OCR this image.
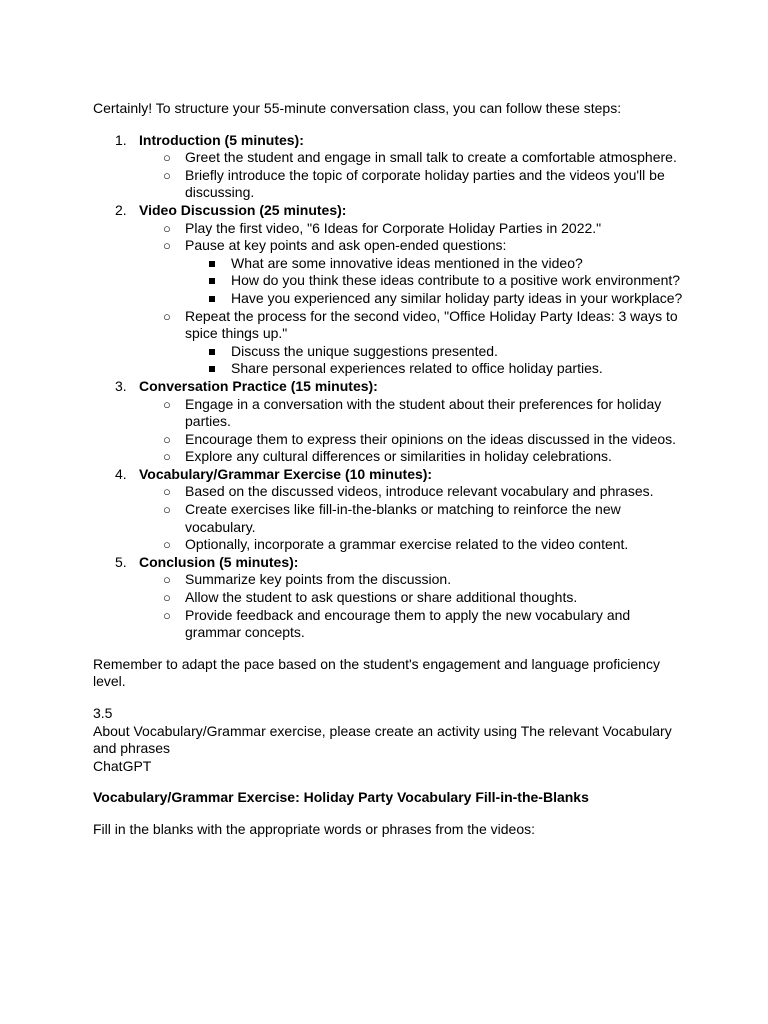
Certainly! To structure your 55-minute conversation class, you can follow these steps:

1. Introduction (5 minutes):
○ Greet the student and engage in small talk to create a comfortable atmosphere.
○ Briefly introduce the topic of corporate holiday parties and the videos you'll be discussing.
2. Video Discussion (25 minutes):
○ Play the first video, "6 Ideas for Corporate Holiday Parties in 2022."
○ Pause at key points and ask open-ended questions:
What are some innovative ideas mentioned in the video?
How do you think these ideas contribute to a positive work environment?
Have you experienced any similar holiday party ideas in your workplace?
○ Repeat the process for the second video, "Office Holiday Party Ideas: 3 ways to spice things up."
Discuss the unique suggestions presented.
Share personal experiences related to office holiday parties.
3. Conversation Practice (15 minutes):
○ Engage in a conversation with the student about their preferences for holiday parties.
○ Encourage them to express their opinions on the ideas discussed in the videos.
○ Explore any cultural differences or similarities in holiday celebrations.
4. Vocabulary/Grammar Exercise (10 minutes):
○ Based on the discussed videos, introduce relevant vocabulary and phrases.
○ Create exercises like fill-in-the-blanks or matching to reinforce the new vocabulary.
○ Optionally, incorporate a grammar exercise related to the video content.
5. Conclusion (5 minutes):
○ Summarize key points from the discussion.
○ Allow the student to ask questions or share additional thoughts.
○ Provide feedback and encourage them to apply the new vocabulary and grammar concepts.

Remember to adapt the pace based on the student's engagement and language proficiency level.

3.5

About Vocabulary/Grammar exercise, please create an activity using The relevant Vocabulary and phrases

ChatGPT

Vocabulary/Grammar Exercise: Holiday Party Vocabulary Fill-in-the-Blanks

Fill in the blanks with the appropriate words or phrases from the videos:
